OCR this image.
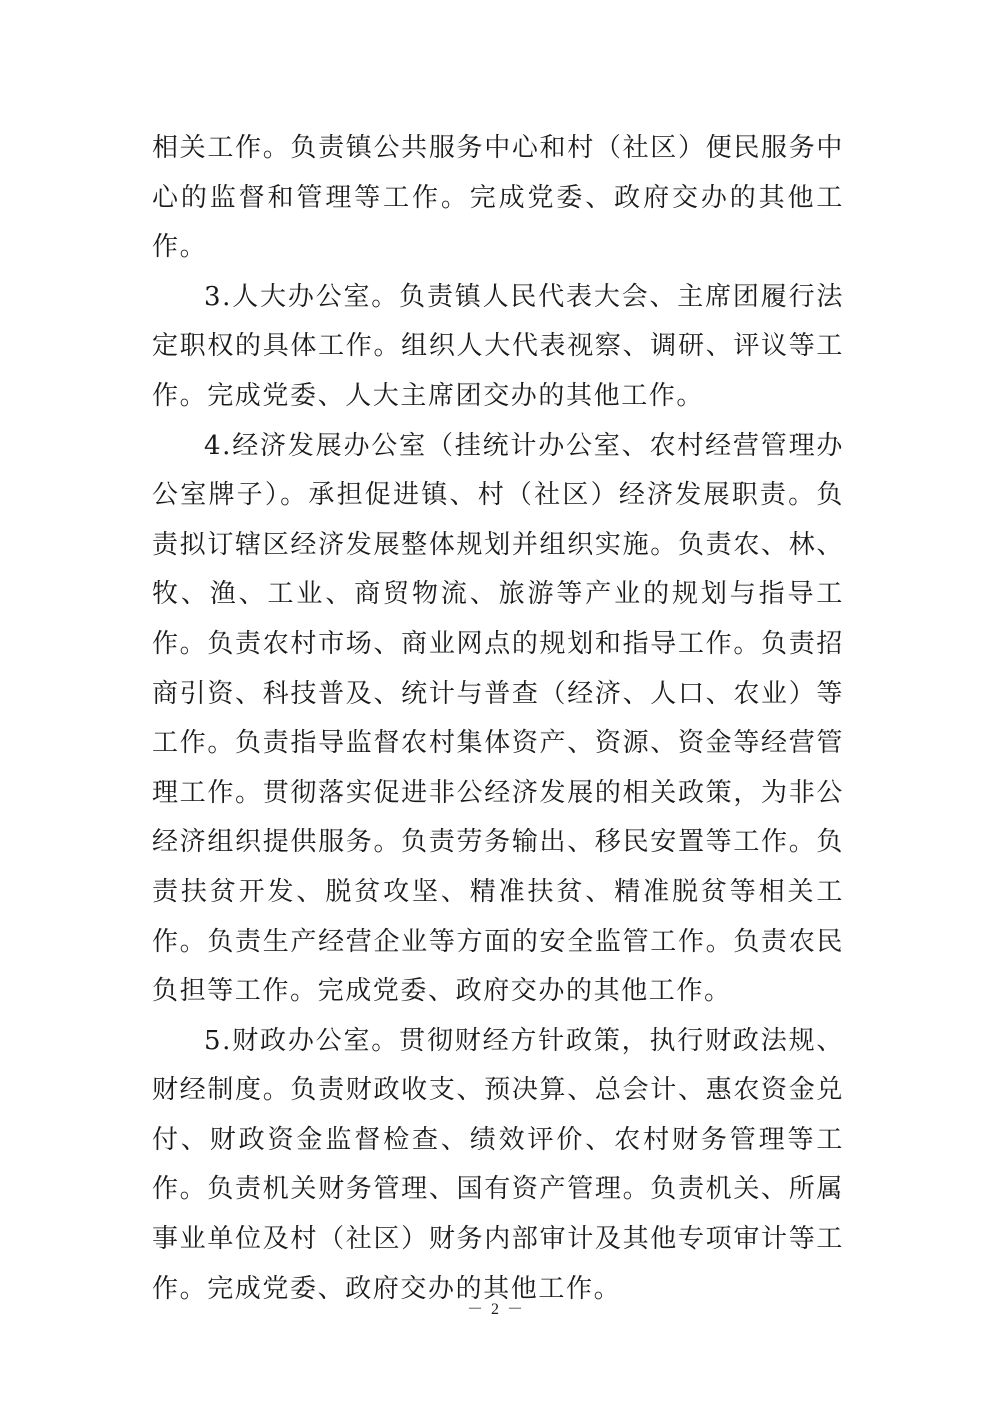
相关工作。负责镇公共服务中心和村（社区）便民服务中心的监督和管理等工作。完成党委、政府交办的其他工作。

3.人大办公室。负责镇人民代表大会、主席团履行法定职权的具体工作。组织人大代表视察、调研、评议等工作。完成党委、人大主席团交办的其他工作。

4.经济发展办公室（挂统计办公室、农村经营管理办公室牌子）。承担促进镇、村（社区）经济发展职责。负责拟订辖区经济发展整体规划并组织实施。负责农、林、牧、渔、工业、商贸物流、旅游等产业的规划与指导工作。负责农村市场、商业网点的规划和指导工作。负责招商引资、科技普及、统计与普查（经济、人口、农业）等工作。负责指导监督农村集体资产、资源、资金等经营管理工作。贯彻落实促进非公经济发展的相关政策，为非公经济组织提供服务。负责劳务输出、移民安置等工作。负责扶贫开发、脱贫攻坚、精准扶贫、精准脱贫等相关工作。负责生产经营企业等方面的安全监管工作。负责农民负担等工作。完成党委、政府交办的其他工作。

5.财政办公室。贯彻财经方针政策，执行财政法规、财经制度。负责财政收支、预决算、总会计、惠农资金兑付、财政资金监督检查、绩效评价、农村财务管理等工作。负责机关财务管理、国有资产管理。负责机关、所属事业单位及村（社区）财务内部审计及其他专项审计等工作。完成党委、政府交办的其他工作。

－ 2 －
